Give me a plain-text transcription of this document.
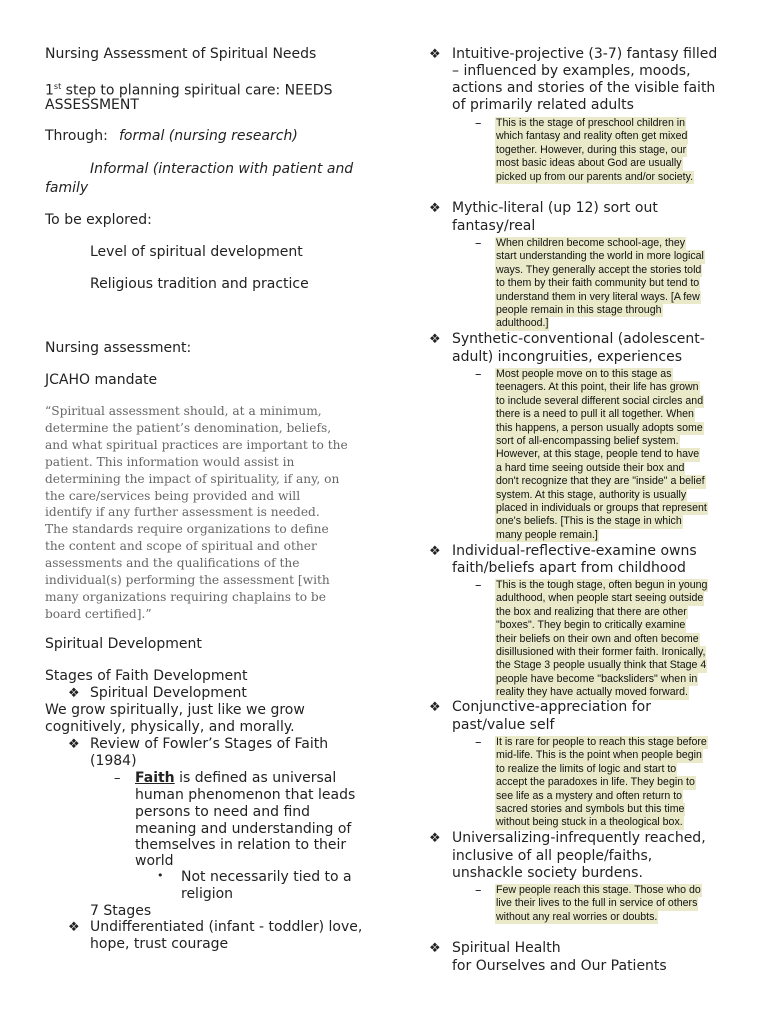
Nursing Assessment of Spiritual Needs
1st step to planning spiritual care: NEEDS
ASSESSMENT
Through: formal (nursing research)
Informal (interaction with patient and
family
To be explored:
Level of spiritual development
Religious tradition and practice
Nursing assessment:
JCAHO mandate
“Spiritual assessment should, at a minimum,
determine the patient’s denomination, beliefs,
and what spiritual practices are important to the
patient. This information would assist in
determining the impact of spirituality, if any, on
the care/services being provided and will
identify if any further assessment is needed.
The standards require organizations to define
the content and scope of spiritual and other
assessments and the qualifications of the
individual(s) performing the assessment [with
many organizations requiring chaplains to be
board certified].”
Spiritual Development
Stages of Faith Development
❖ Spiritual Development
We grow spiritually, just like we grow
cognitively, physically, and morally.
❖ Review of Fowler’s Stages of Faith
(1984)
– Faith is defined as universal
human phenomenon that leads
persons to need and find
meaning and understanding of
themselves in relation to their
world
• Not necessarily tied to a
religion
7 Stages
❖ Undifferentiated (infant - toddler) love,
hope, trust courage
❖ Intuitive-projective (3-7) fantasy filled
– influenced by examples, moods,
actions and stories of the visible faith
of primarily related adults
– This is the stage of preschool children in
which fantasy and reality often get mixed
together. However, during this stage, our
most basic ideas about God are usually
picked up from our parents and/or society.
❖ Mythic-literal (up 12) sort out
fantasy/real
– When children become school-age, they
start understanding the world in more logical
ways. They generally accept the stories told
to them by their faith community but tend to
understand them in very literal ways. [A few
people remain in this stage through
adulthood.]
❖ Synthetic-conventional (adolescent-
adult) incongruities, experiences
– Most people move on to this stage as
teenagers. At this point, their life has grown
to include several different social circles and
there is a need to pull it all together. When
this happens, a person usually adopts some
sort of all-encompassing belief system.
However, at this stage, people tend to have
a hard time seeing outside their box and
don't recognize that they are "inside" a belief
system. At this stage, authority is usually
placed in individuals or groups that represent
one's beliefs. [This is the stage in which
many people remain.]
❖ Individual-reflective-examine owns
faith/beliefs apart from childhood
– This is the tough stage, often begun in young
adulthood, when people start seeing outside
the box and realizing that there are other
"boxes". They begin to critically examine
their beliefs on their own and often become
disillusioned with their former faith. Ironically,
the Stage 3 people usually think that Stage 4
people have become "backsliders" when in
reality they have actually moved forward.
❖ Conjunctive-appreciation for
past/value self
– It is rare for people to reach this stage before
mid-life. This is the point when people begin
to realize the limits of logic and start to
accept the paradoxes in life. They begin to
see life as a mystery and often return to
sacred stories and symbols but this time
without being stuck in a theological box.
❖ Universalizing-infrequently reached,
inclusive of all people/faiths,
unshackle society burdens.
– Few people reach this stage. Those who do
live their lives to the full in service of others
without any real worries or doubts.
❖ Spiritual Health
for Ourselves and Our Patients
